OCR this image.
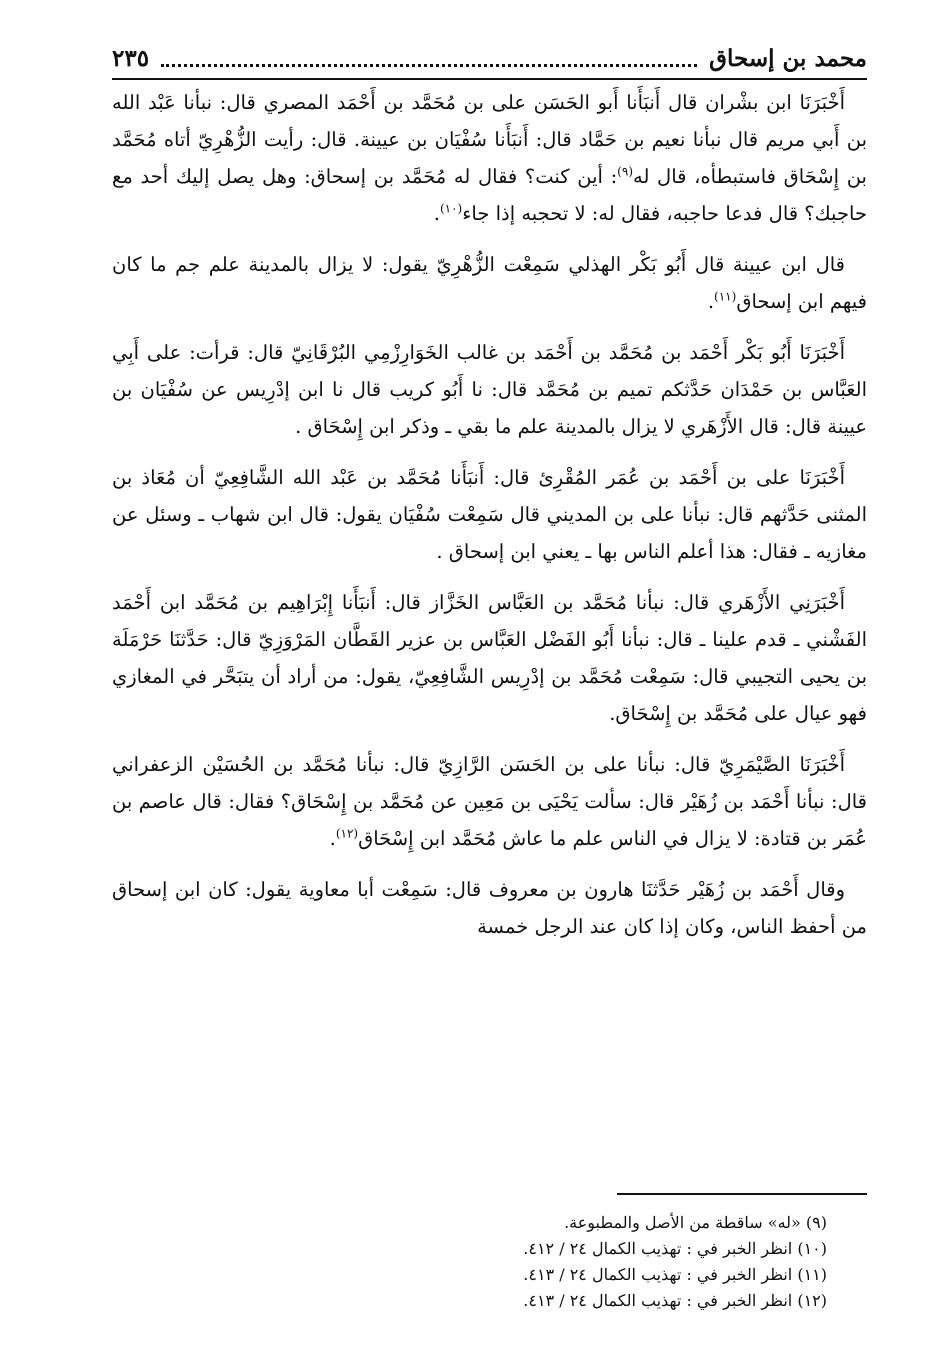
محمد بن إسحاق
٢٣٥

أَخْبَرَنَا ابن بشْران قال أَنبَأَنا أَبو الحَسَن على بن مُحَمَّد بن أَحْمَد المصري قال: نبأنا عَبْد الله بن أَبي مريم قال نبأنا نعيم بن حَمَّاد قال: أَنبَأَنا سُفْيَان بن عيينة. قال: رأيت الزُّهْرِيّ أتاه مُحَمَّد بن إِسْحَاق فاستبطأه، قال له$^{(٩)}$: أين كنت؟ فقال له مُحَمَّد بن إسحاق: وهل يصل إليك أحد مع حاجبك؟ قال فدعا حاجبه، فقال له: لا تحجبه إذا جاء$^{(١٠)}$.

قال ابن عيينة قال أَبُو بَكْر الهذلي سَمِعْت الزُّهْرِيّ يقول: لا يزال بالمدينة علم جم ما كان فيهم ابن إسحاق$^{(١١)}$.

أَخْبَرَنَا أَبُو بَكْر أَحْمَد بن مُحَمَّد بن أَحْمَد بن غالب الخَوَارِزْمِي البُرْقَانِيّ قال: قرأت: على أَبِي العَبَّاس بن حَمْدَان حَدَّثكم تميم بن مُحَمَّد قال: نا أَبُو كريب قال نا ابن إدْرِيس عن سُفْيَان بن عيينة قال: قال الأَزْهَري لا يزال بالمدينة علم ما بقي ـ وذكر ابن إِسْحَاق .

أَخْبَرَنَا على بن أَحْمَد بن عُمَر المُقْرِئ قال: أَنبَأَنا مُحَمَّد بن عَبْد الله الشَّافِعِيّ أن مُعَاذ بن المثنى حَدَّثهم قال: نبأنا على بن المديني قال سَمِعْت سُفْيَان يقول: قال ابن شهاب ـ وسئل عن مغازيه ـ فقال: هذا أعلم الناس بها ـ يعني ابن إسحاق .

أَخْبَرَنِي الأَزْهَري قال: نبأنا مُحَمَّد بن العَبَّاس الخَزَّاز قال: أَنبَأَنا إِبْرَاهِيم بن مُحَمَّد ابن أَحْمَد الفَشْني ـ قدم علينا ـ قال: نبأنا أَبُو الفَضْل العَبَّاس بن عزير القَطَّان المَرْوَزِيّ قال: حَدَّثنَا حَرْمَلَة بن يحيى التجيبي قال: سَمِعْت مُحَمَّد بن إدْرِيس الشَّافِعِيّ، يقول: من أراد أن يتبَحَّر في المغازي فهو عيال على مُحَمَّد بن إِسْحَاق.

أَخْبَرَنَا الصَّيْمَرِيّ قال: نبأنا على بن الحَسَن الرَّازِيّ قال: نبأنا مُحَمَّد بن الحُسَيْن الزعفراني قال: نبأنا أَحْمَد بن زُهَيْر قال: سألت يَحْيَى بن مَعِين عن مُحَمَّد بن إِسْحَاق؟ فقال: قال عاصم بن عُمَر بن قتادة: لا يزال في الناس علم ما عاش مُحَمَّد ابن إِسْحَاق$^{(١٢)}$.

وقال أَحْمَد بن زُهَيْر حَدَّثنَا هارون بن معروف قال: سَمِعْت أبا معاوية يقول: كان ابن إسحاق من أحفظ الناس، وكان إذا كان عند الرجل خمسة

(٩) «له» ساقطة من الأصل والمطبوعة.

(١٠) انظر الخبر في : تهذيب الكمال ٢٤ / ٤١٢.

(١١) انظر الخبر في : تهذيب الكمال ٢٤ / ٤١٣.

(١٢) انظر الخبر في : تهذيب الكمال ٢٤ / ٤١٣.
